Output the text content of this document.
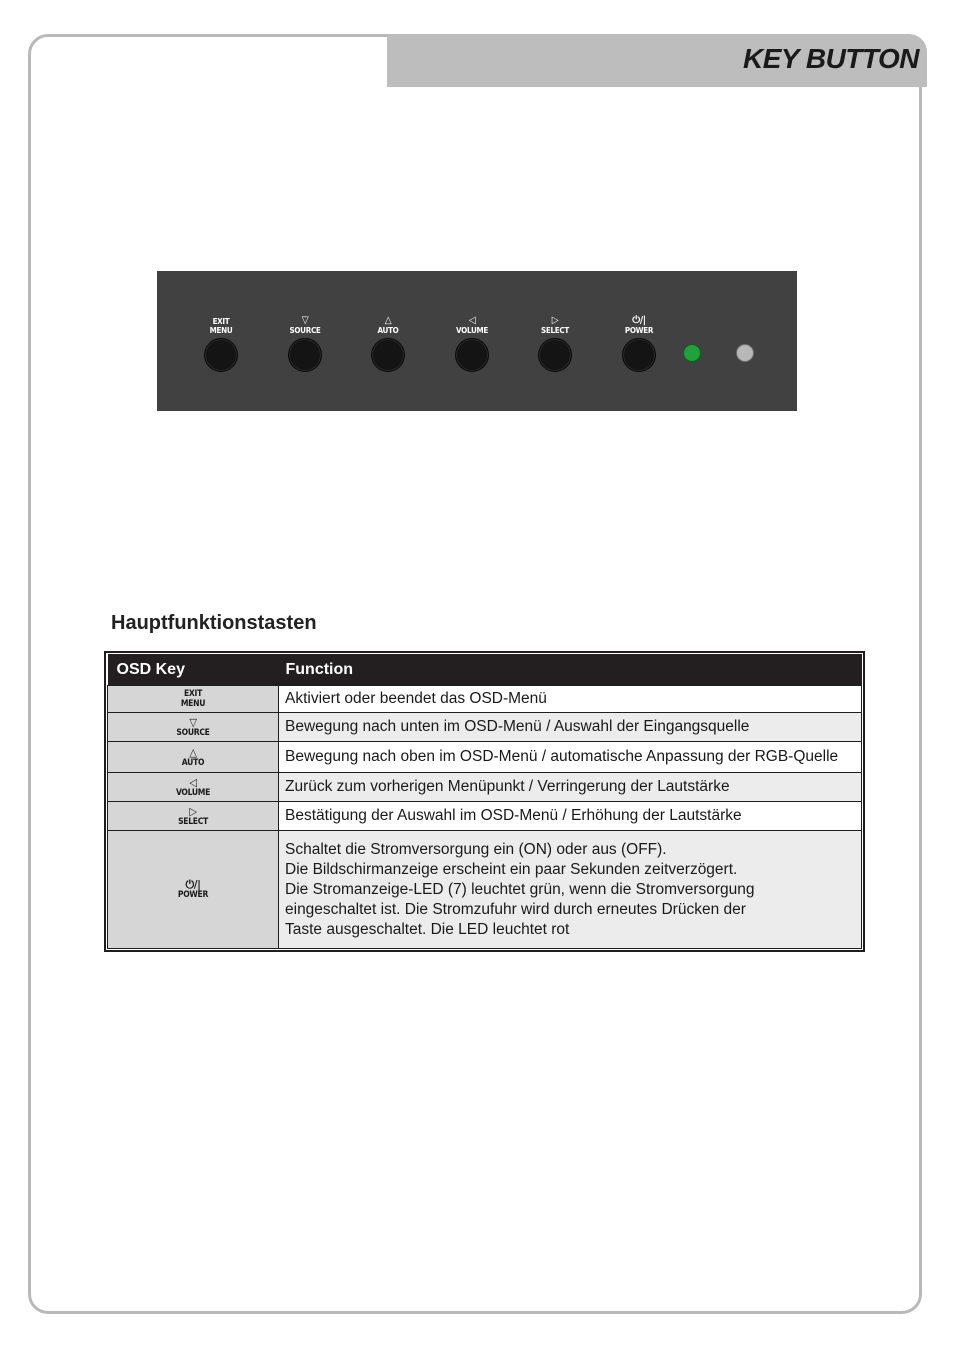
KEY BUTTON
EXIT
MENU
▽
SOURCE
△
AUTO
◁
VOLUME
▷
SELECT
⏻/|
POWER
Hauptfunktionstasten
OSD Key	Function

EXIT
MENU	Aktiviert oder beendet das OSD-Menü

▽
SOURCE	Bewegung nach unten im OSD-Menü / Auswahl der Eingangsquelle

△
AUTO	Bewegung nach oben im OSD-Menü / automatische Anpassung der RGB-Quelle

◁
VOLUME	Zurück zum vorherigen Menüpunkt / Verringerung der Lautstärke

▷
SELECT	Bestätigung der Auswahl im OSD-Menü / Erhöhung der Lautstärke

⏻/|
POWER	Schaltet die Stromversorgung ein (ON) oder aus (OFF).
Die Bildschirmanzeige erscheint ein paar Sekunden zeitverzögert.
Die Stromanzeige-LED (7) leuchtet grün, wenn die Stromversorgung
eingeschaltet ist. Die Stromzufuhr wird durch erneutes Drücken der
Taste ausgeschaltet. Die LED leuchtet rot
